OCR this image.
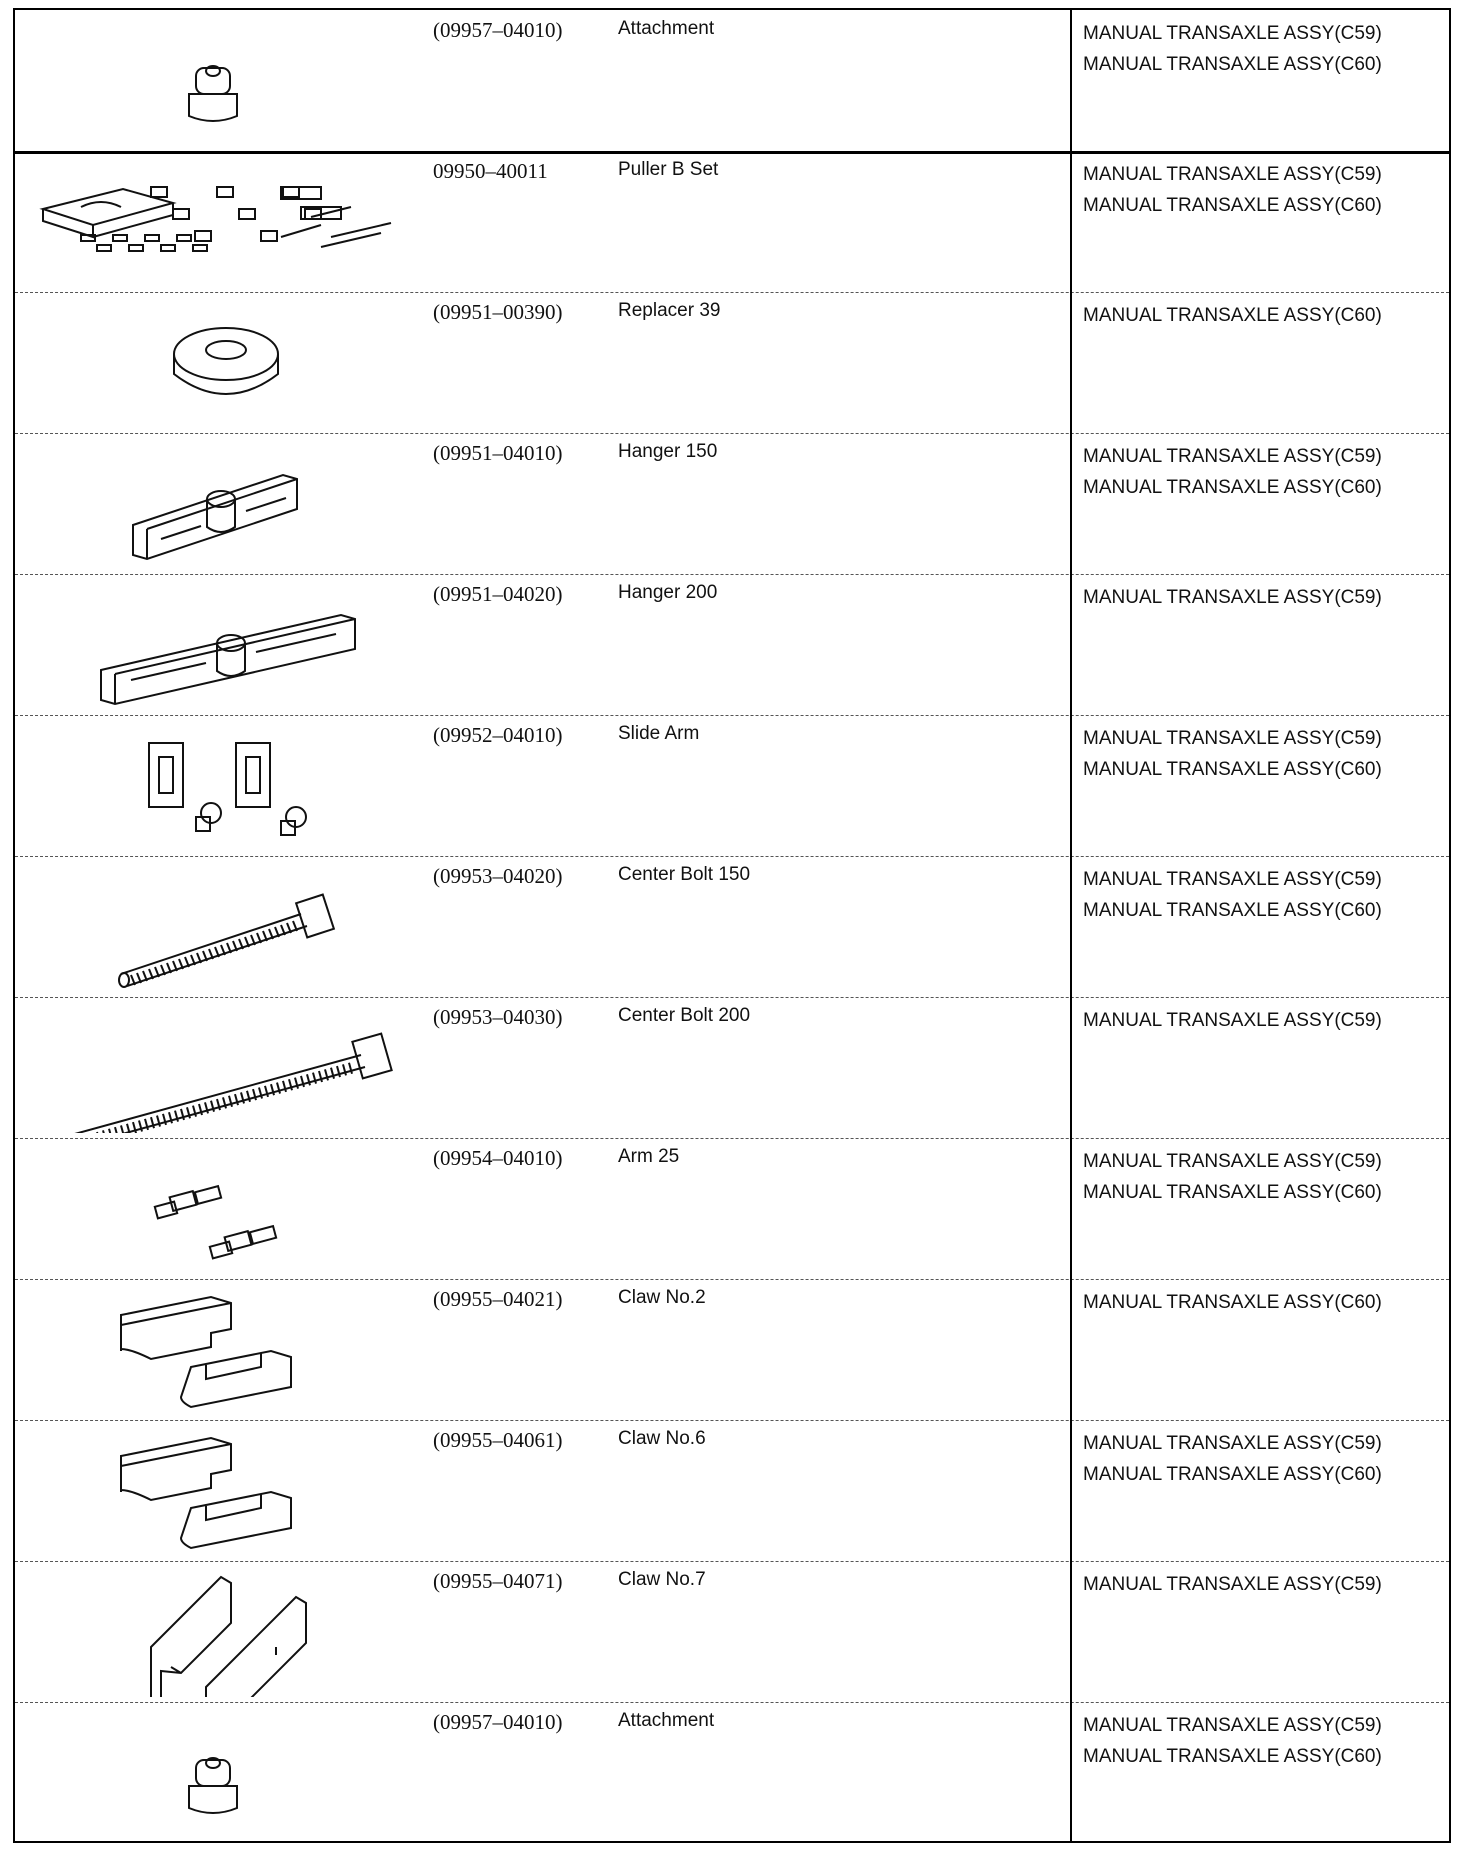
(09957–04010)	Attachment	MANUAL TRANSAXLE ASSY(C59)
MANUAL TRANSAXLE ASSY(C60)
09950–40011	Puller B Set	MANUAL TRANSAXLE ASSY(C59)
MANUAL TRANSAXLE ASSY(C60)
(09951–00390)	Replacer 39	MANUAL TRANSAXLE ASSY(C60)
(09951–04010)	Hanger 150	MANUAL TRANSAXLE ASSY(C59)
MANUAL TRANSAXLE ASSY(C60)
(09951–04020)	Hanger 200	MANUAL TRANSAXLE ASSY(C59)
(09952–04010)	Slide Arm	MANUAL TRANSAXLE ASSY(C59)
MANUAL TRANSAXLE ASSY(C60)
(09953–04020)	Center Bolt 150	MANUAL TRANSAXLE ASSY(C59)
MANUAL TRANSAXLE ASSY(C60)
(09953–04030)	Center Bolt 200	MANUAL TRANSAXLE ASSY(C59)
(09954–04010)	Arm 25	MANUAL TRANSAXLE ASSY(C59)
MANUAL TRANSAXLE ASSY(C60)
(09955–04021)	Claw No.2	MANUAL TRANSAXLE ASSY(C60)
(09955–04061)	Claw No.6	MANUAL TRANSAXLE ASSY(C59)
MANUAL TRANSAXLE ASSY(C60)
(09955–04071)	Claw No.7	MANUAL TRANSAXLE ASSY(C59)
(09957–04010)	Attachment	MANUAL TRANSAXLE ASSY(C59)
MANUAL TRANSAXLE ASSY(C60)
